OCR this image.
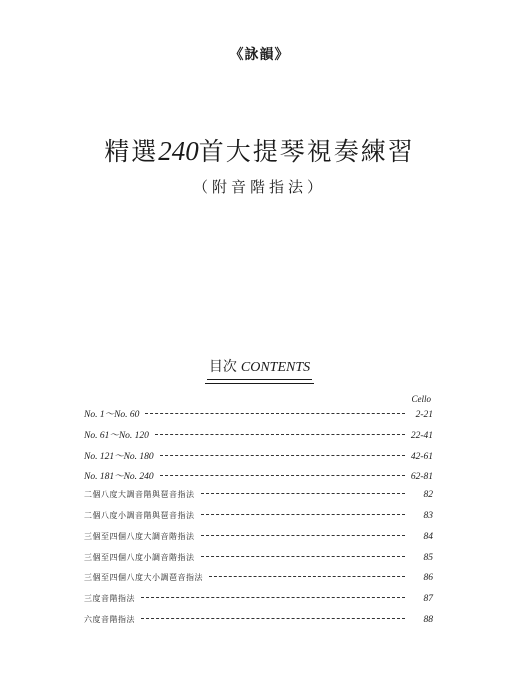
《詠韻》
精選240首大提琴視奏練習
（附音階指法）
目次 CONTENTS
Cello
No. 1～No. 60	2-21
No. 61～No. 120	22-41
No. 121～No. 180	42-61
No. 181～No. 240	62-81
二個八度大調音階與琶音指法	82
二個八度小調音階與琶音指法	83
三個至四個八度大調音階指法	84
三個至四個八度小調音階指法	85
三個至四個八度大小調琶音指法	86
三度音階指法	87
六度音階指法	88
